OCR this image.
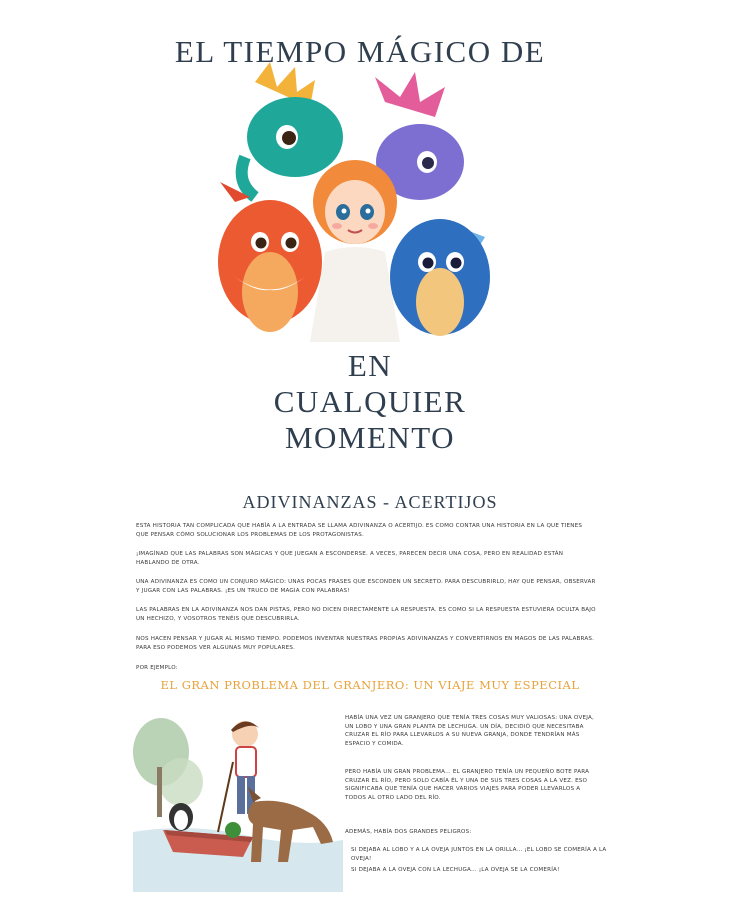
EL TIEMPO MÁGICO DE
EN
CUALQUIER
MOMENTO
ADIVINANZAS - ACERTIJOS
ESTA HISTORIA TAN COMPLICADA QUE HABÍA A LA ENTRADA SE LLAMA ADIVINANZA O ACERTIJO. ES COMO CONTAR UNA HISTORIA EN LA QUE TIENES QUE PENSAR CÓMO SOLUCIONAR LOS PROBLEMAS DE LOS PROTAGONISTAS.
¡IMAGÍNAD QUE LAS PALABRAS SON MÁGICAS Y QUE JUEGAN A ESCONDERSE. A VECES, PARECEN DECIR UNA COSA, PERO EN REALIDAD ESTÁN HABLANDO DE OTRA.
UNA ADIVINANZA ES COMO UN CONJURO MÁGICO: UNAS POCAS FRASES QUE ESCONDEN UN SECRETO. PARA DESCUBRIRLO, HAY QUE PENSAR, OBSERVAR Y JUGAR CON LAS PALABRAS. ¡ES UN TRUCO DE MAGIA CON PALABRAS!
LAS PALABRAS EN LA ADIVINANZA NOS DAN PISTAS, PERO NO DICEN DIRECTAMENTE LA RESPUESTA. ES COMO SI LA RESPUESTA ESTUVIERA OCULTA BAJO UN HECHIZO, Y VOSOTROS TENÉIS QUE DESCUBRIRLA.
NOS HACEN PENSAR Y JUGAR AL MISMO TIEMPO. PODEMOS INVENTAR NUESTRAS PROPIAS ADIVINANZAS Y CONVERTIRNOS EN MAGOS DE LAS PALABRAS. PARA ESO PODEMOS VER ALGUNAS MUY POPULARES.
POR EJEMPLO:
EL GRAN PROBLEMA DEL GRANJERO: UN VIAJE MUY ESPECIAL
HABÍA UNA VEZ UN GRANJERO QUE TENÍA TRES COSAS MUY VALIOSAS: UNA OVEJA, UN LOBO Y UNA GRAN PLANTA DE LECHUGA. UN DÍA, DECIDIÓ QUE NECESITABA CRUZAR EL RÍO PARA LLEVARLOS A SU NUEVA GRANJA, DONDE TENDRÍAN MÁS ESPACIO Y COMIDA.
PERO HABÍA UN GRAN PROBLEMA… EL GRANJERO TENÍA UN PEQUEÑO BOTE PARA CRUZAR EL RÍO, PERO SOLO CABÍA ÉL Y UNA DE SUS TRES COSAS A LA VEZ. ESO SIGNIFICABA QUE TENÍA QUE HACER VARIOS VIAJES PARA PODER LLEVARLOS A TODOS AL OTRO LADO DEL RÍO.
ADEMÁS, HABÍA DOS GRANDES PELIGROS:
SI DEJABA AL LOBO Y A LA OVEJA JUNTOS EN LA ORILLA… ¡EL LOBO SE COMERÍA A LA OVEJA!
SI DEJABA A LA OVEJA CON LA LECHUGA… ¡LA OVEJA SE LA COMERÍA!
